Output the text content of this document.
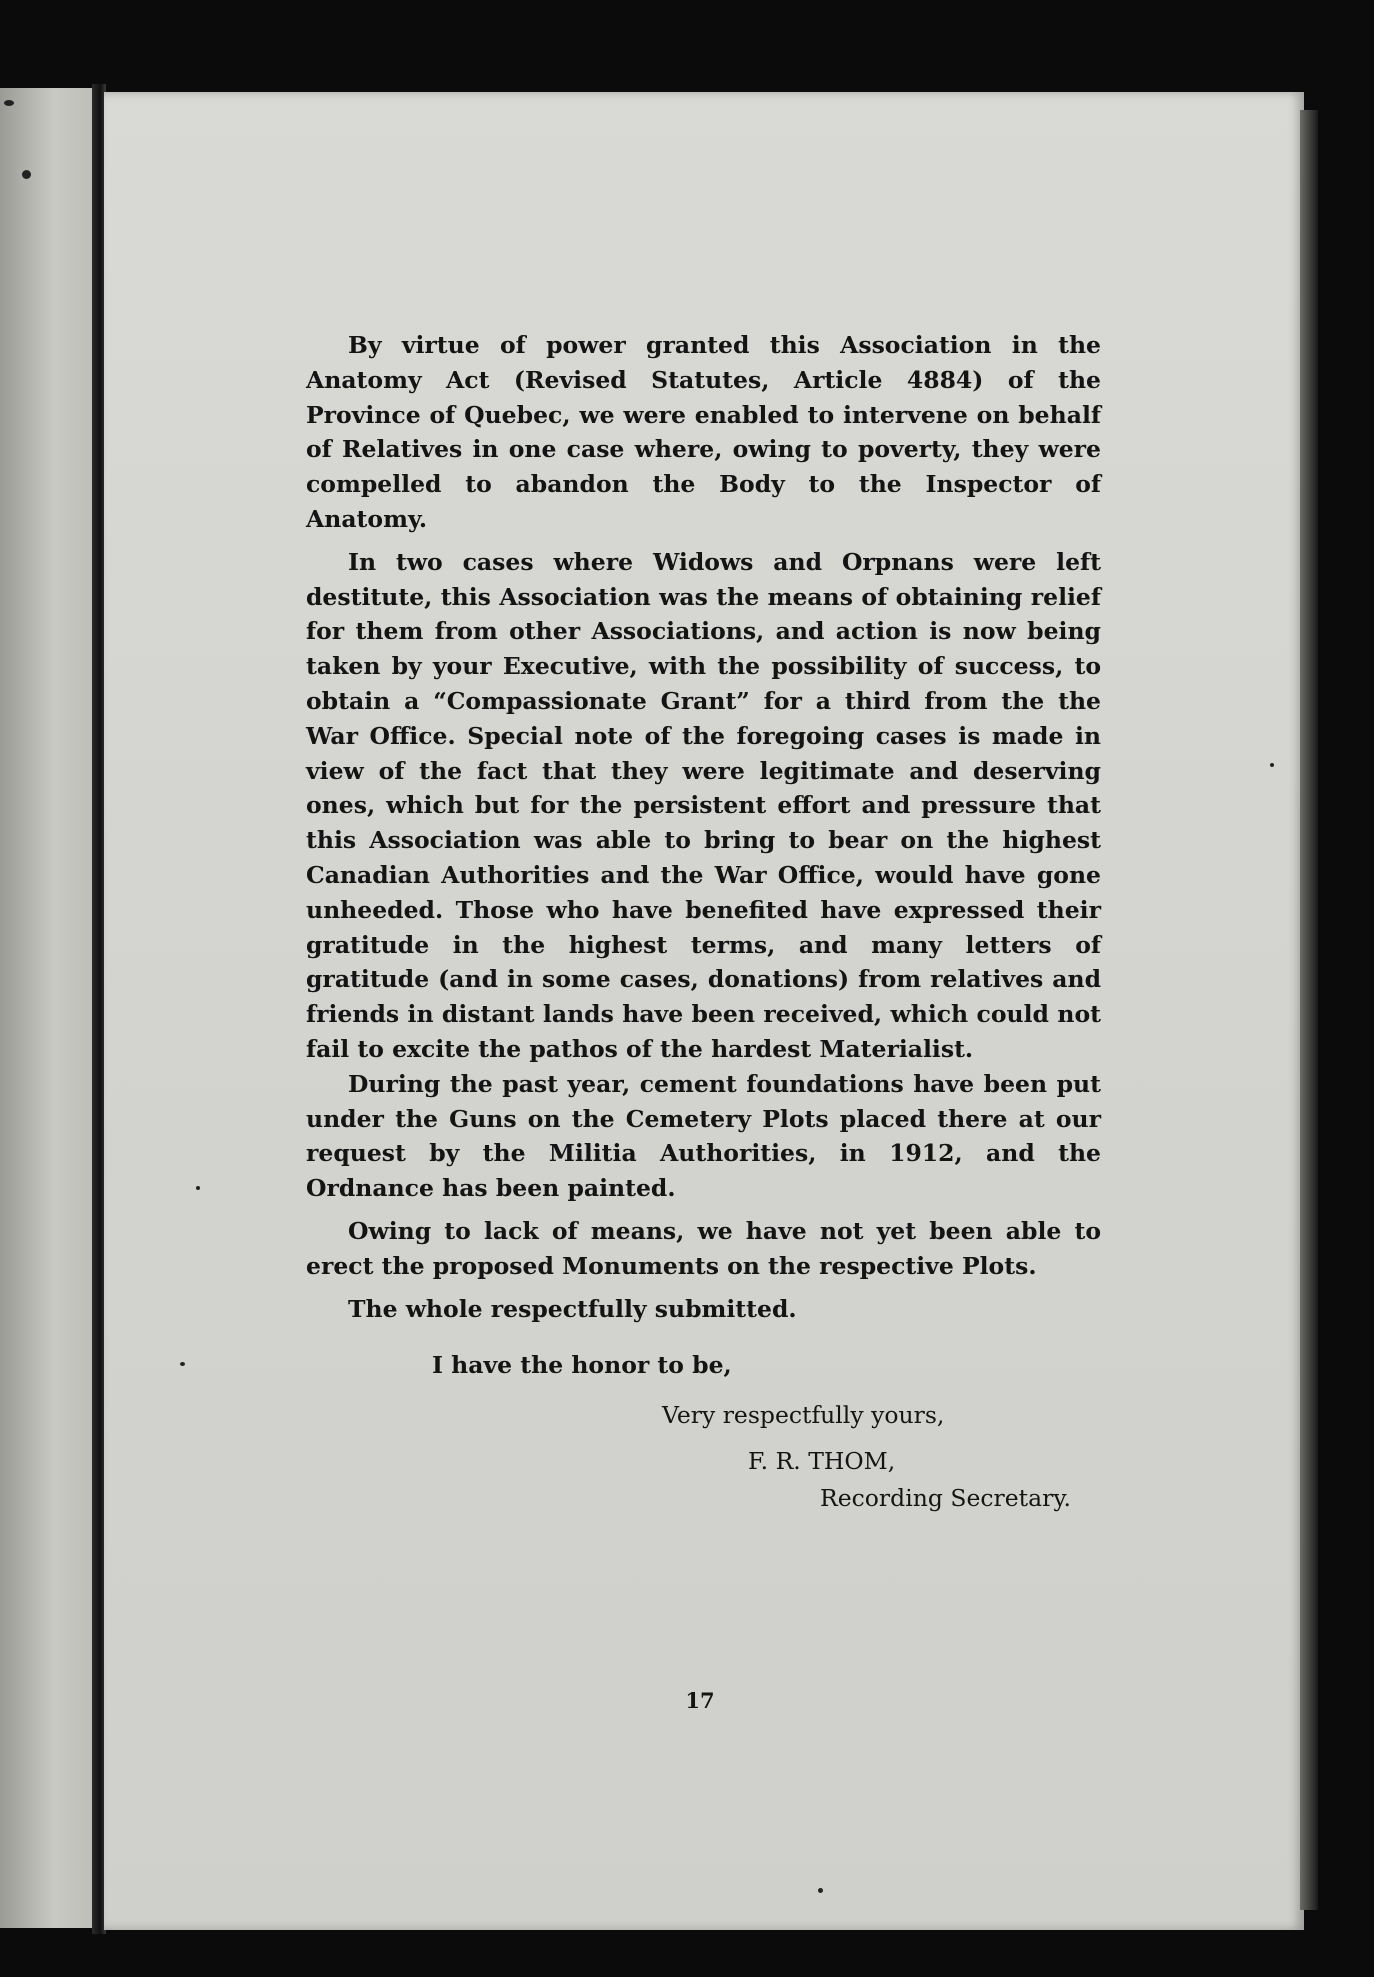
By virtue of power granted this Association in the Anatomy Act (Revised Statutes, Article 4884) of the Province of Quebec, we were enabled to intervene on behalf of Relatives in one case where, owing to poverty, they were compelled to abandon the Body to the Inspector of Anatomy.

In two cases where Widows and Orpnans were left destitute, this Association was the means of obtaining relief for them from other Associations, and action is now being taken by your Executive, with the possibility of success, to obtain a “Compassionate Grant” for a third from the the War Office. Special note of the foregoing cases is made in view of the fact that they were legitimate and deserving ones, which but for the persistent effort and pressure that this Association was able to bring to bear on the highest Canadian Authorities and the War Office, would have gone unheeded. Those who have benefited have expressed their gratitude in the highest terms, and many letters of gratitude (and in some cases, donations) from relatives and friends in distant lands have been received, which could not fail to excite the pathos of the hardest Materialist.

During the past year, cement foundations have been put under the Guns on the Cemetery Plots placed there at our request by the Militia Authorities, in 1912, and the Ordnance has been painted.

Owing to lack of means, we have not yet been able to erect the proposed Monuments on the respective Plots.

The whole respectfully submitted.

I have the honor to be,
Very respectfully yours,
F. R. THOM,
Recording Secretary.
17
